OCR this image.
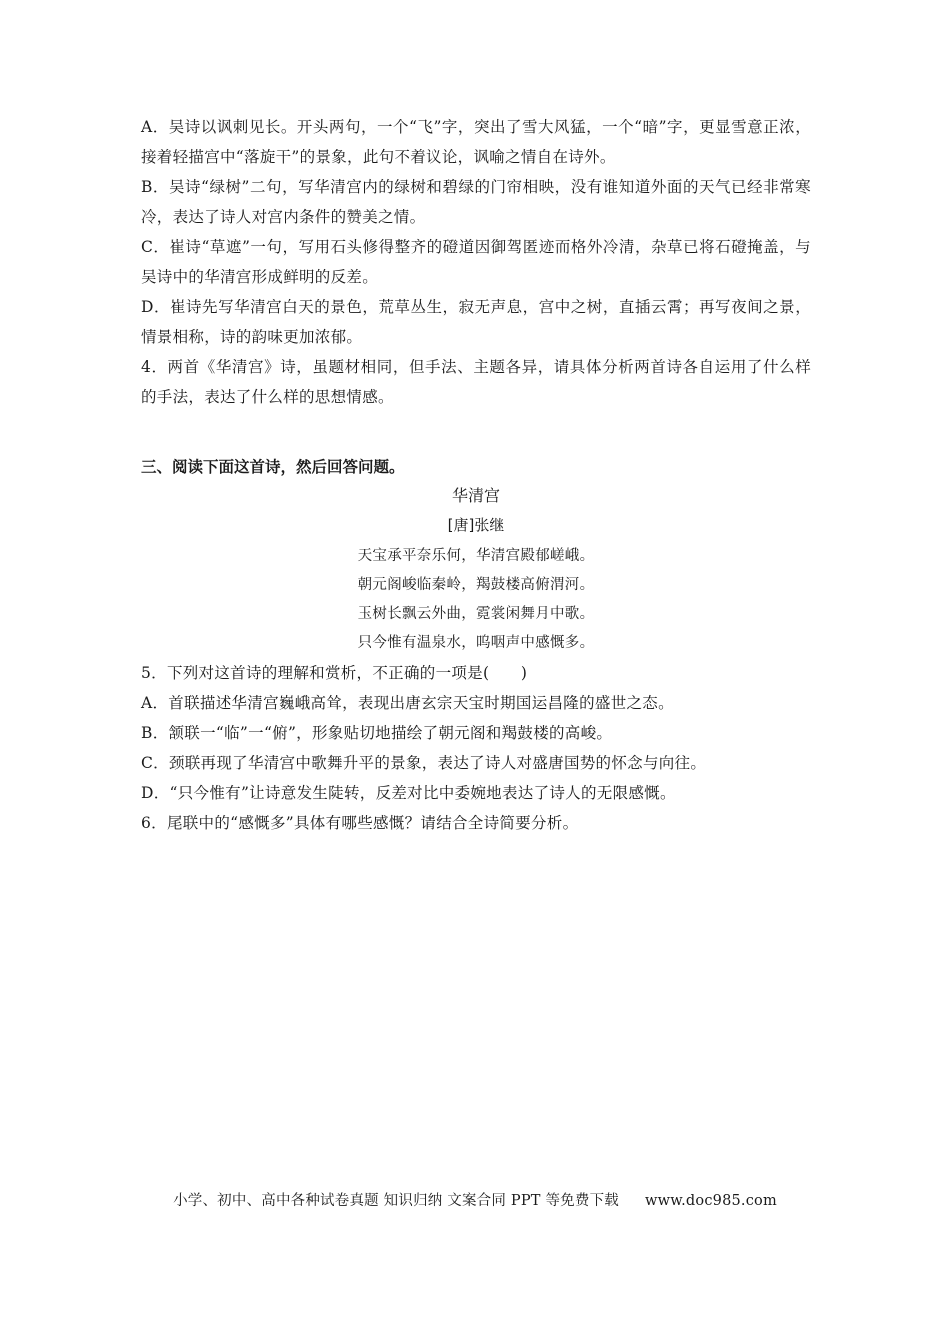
A．吴诗以讽刺见长。开头两句，一个“飞”字，突出了雪大风猛，一个“暗”字，更显雪意正浓，接着轻描宫中“落旋干”的景象，此句不着议论，讽喻之情自在诗外。

B．吴诗“绿树”二句，写华清宫内的绿树和碧绿的门帘相映，没有谁知道外面的天气已经非常寒冷，表达了诗人对宫内条件的赞美之情。

C．崔诗“草遮”一句，写用石头修得整齐的磴道因御驾匿迹而格外冷清，杂草已将石磴掩盖，与吴诗中的华清宫形成鲜明的反差。

D．崔诗先写华清宫白天的景色，荒草丛生，寂无声息，宫中之树，直插云霄；再写夜间之景，情景相称，诗的韵味更加浓郁。

4．两首《华清宫》诗，虽题材相同，但手法、主题各异，请具体分析两首诗各自运用了什么样的手法，表达了什么样的思想情感。

三、阅读下面这首诗，然后回答问题。

华清宫
[唐]张继
天宝承平奈乐何，华清宫殿郁嵯峨。
朝元阁峻临秦岭，羯鼓楼高俯渭河。
玉树长飘云外曲，霓裳闲舞月中歌。
只今惟有温泉水，呜咽声中感慨多。

5．下列对这首诗的理解和赏析，不正确的一项是(　　)

A．首联描述华清宫巍峨高耸，表现出唐玄宗天宝时期国运昌隆的盛世之态。

B．颔联一“临”一“俯”，形象贴切地描绘了朝元阁和羯鼓楼的高峻。

C．颈联再现了华清宫中歌舞升平的景象，表达了诗人对盛唐国势的怀念与向往。

D．“只今惟有”让诗意发生陡转，反差对比中委婉地表达了诗人的无限感慨。

6．尾联中的“感慨多”具体有哪些感慨？请结合全诗简要分析。

小学、初中、高中各种试卷真题 知识归纳 文案合同 PPT 等免费下载 www.doc985.com
